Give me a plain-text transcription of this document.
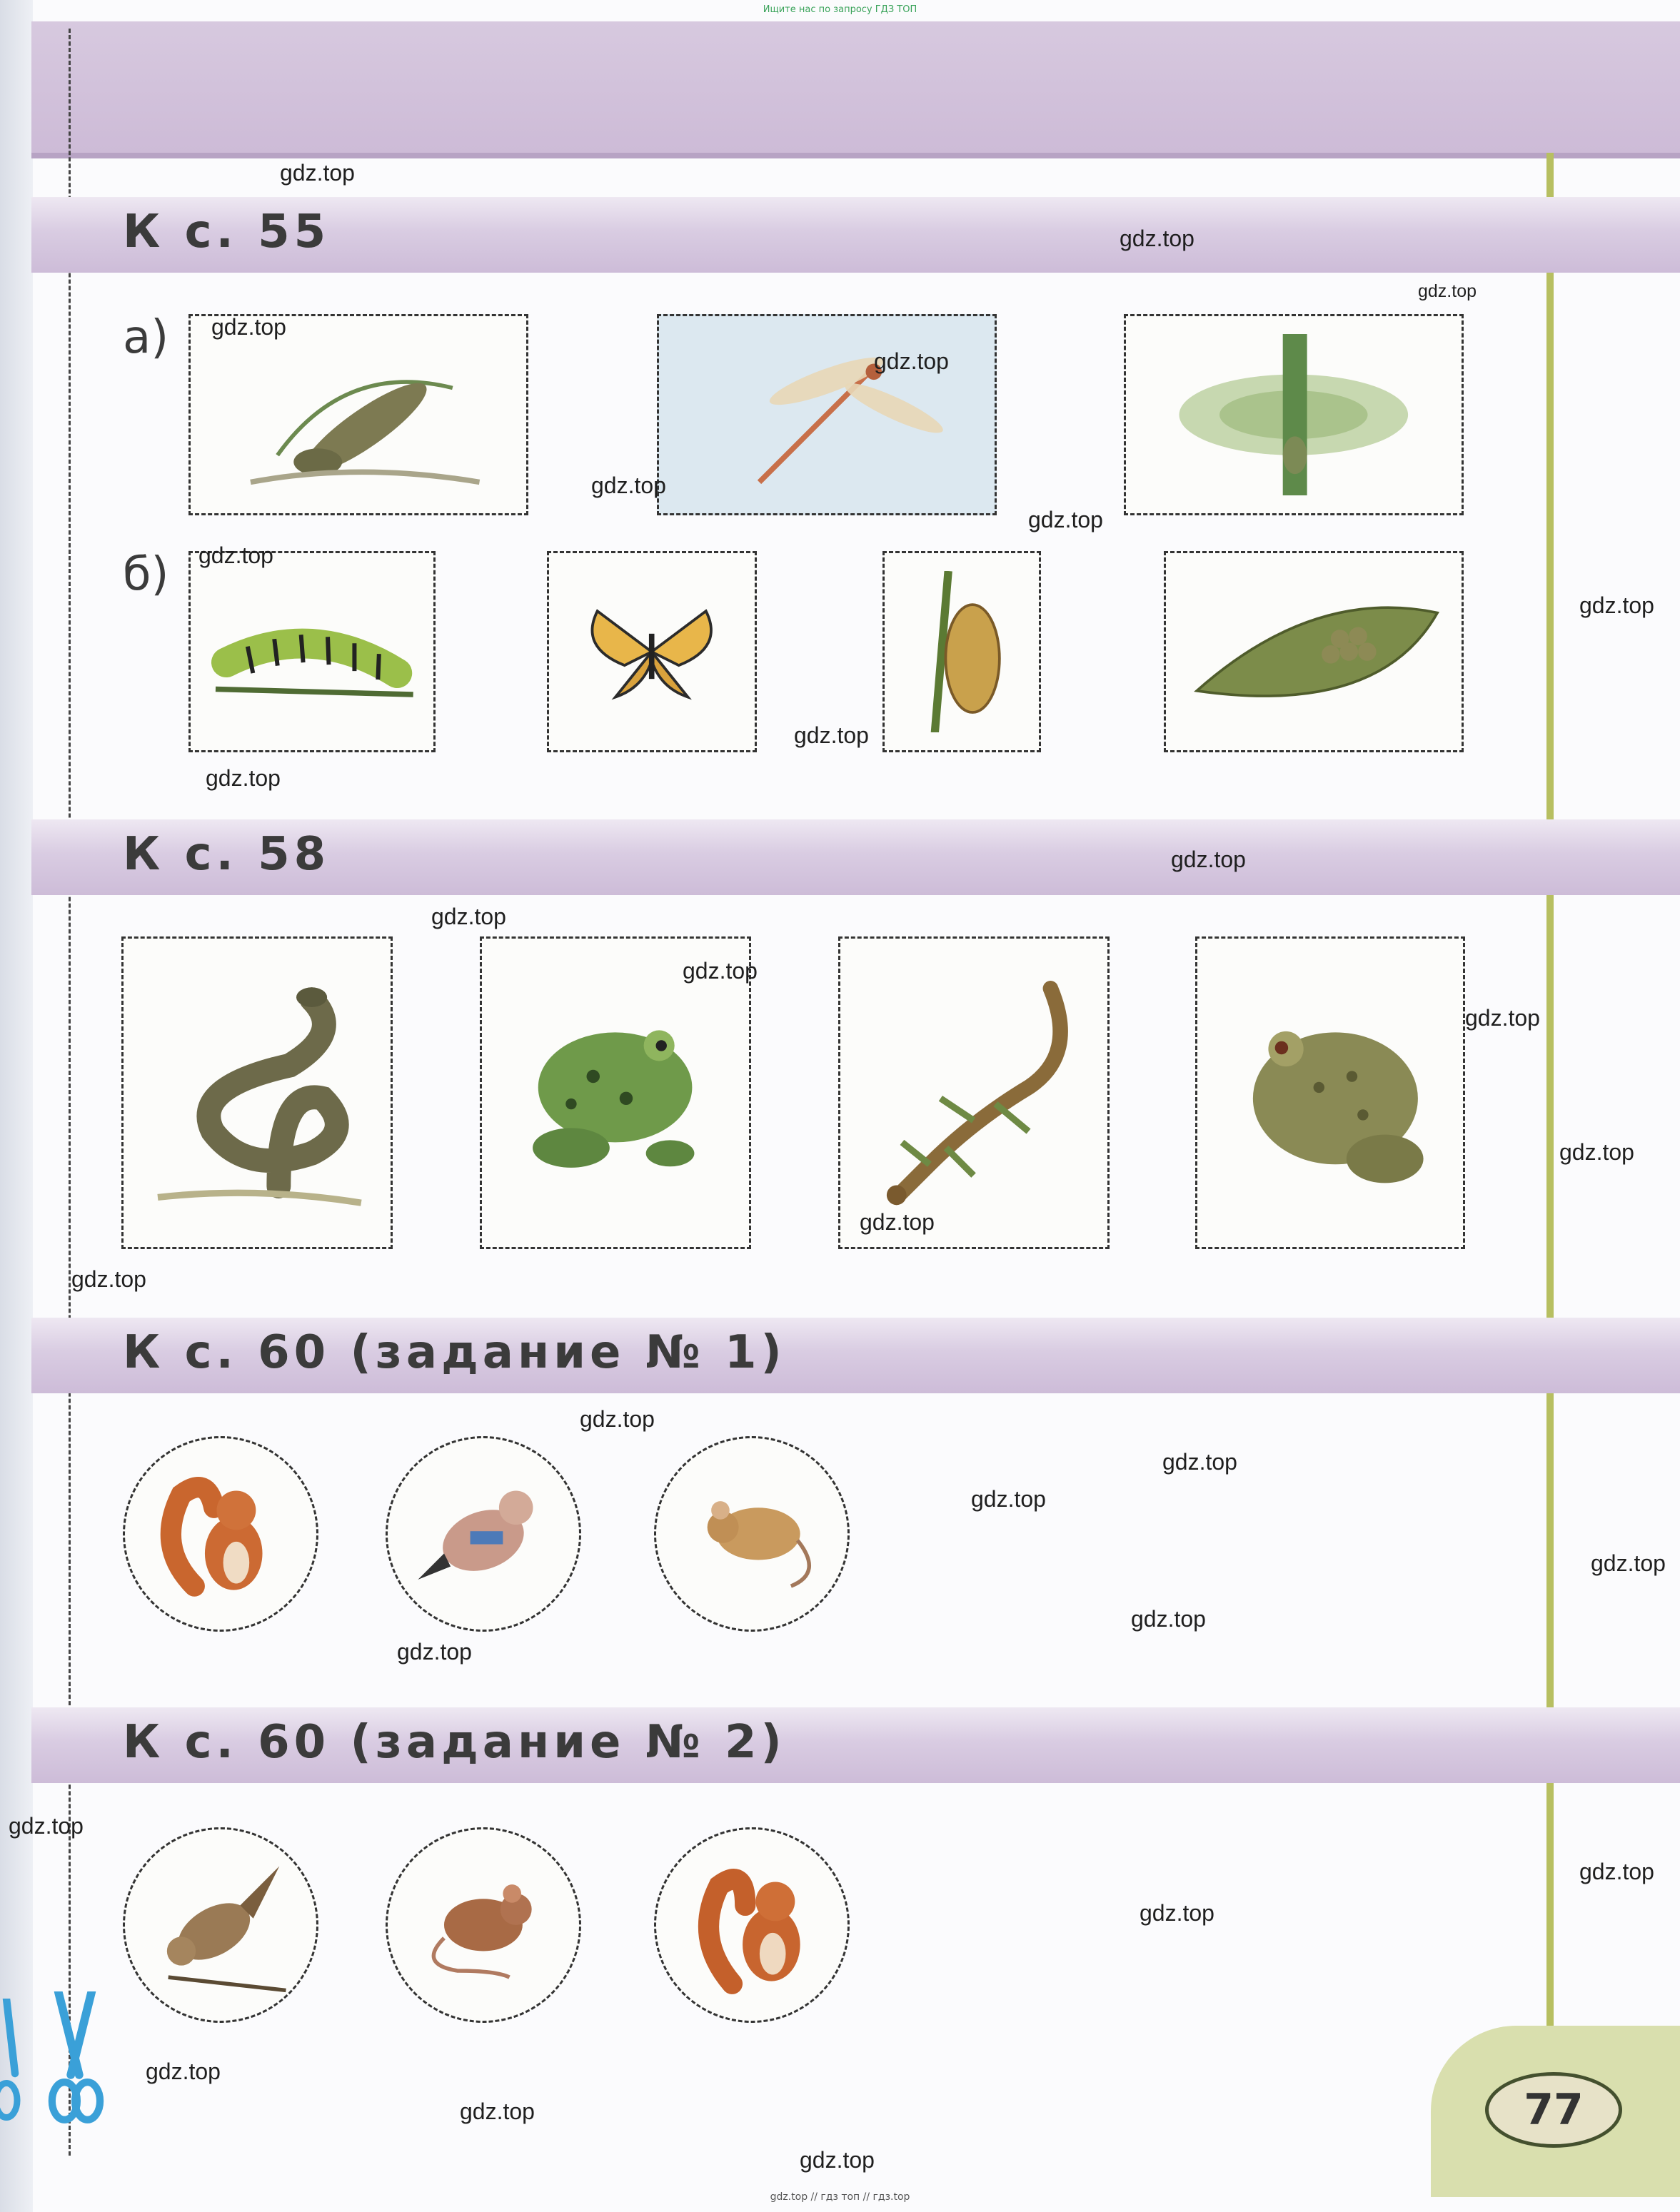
Ищите нас по запросу ГДЗ ТОП
К с. 55
а)
б)
К с. 58
К с. 60 (задание № 1)
К с. 60 (задание № 2)
77
gdz.top
gdz.top
gdz.top
gdz.top
gdz.top
gdz.top
gdz.top
gdz.top
gdz.top
gdz.top
gdz.top
gdz.top
gdz.top
gdz.top
gdz.top
gdz.top
gdz.top
gdz.top
gdz.top
gdz.top
gdz.top
gdz.top
gdz.top
gdz.top
gdz.top
gdz.top
gdz.top
gdz.top
gdz.top
gdz.top
gdz.top // гдз топ // гдз.top
